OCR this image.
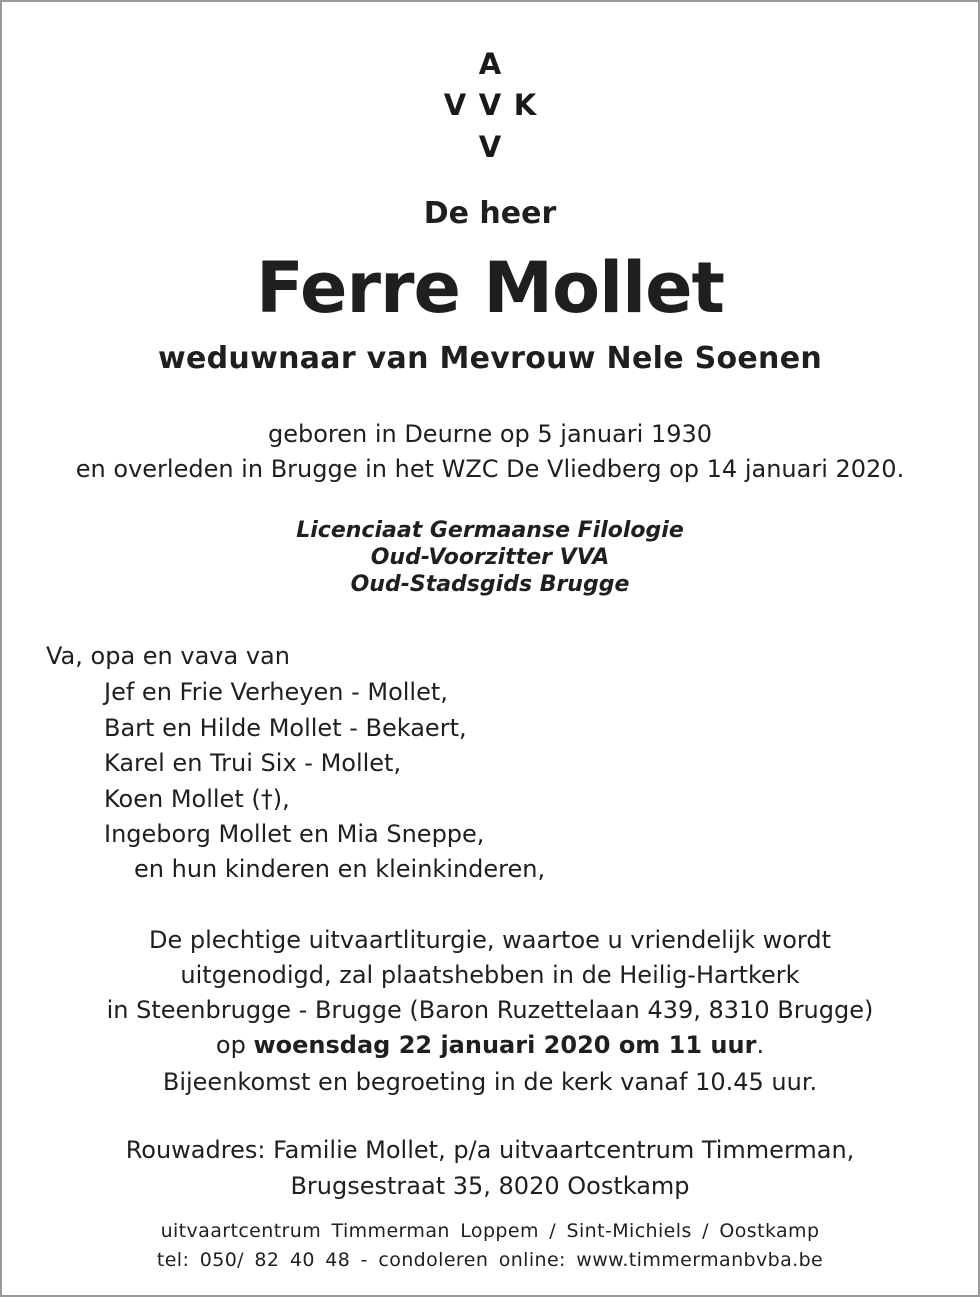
A
V V K
V
De heer
Ferre Mollet
weduwnaar van Mevrouw Nele Soenen
geboren in Deurne op 5 januari 1930
en overleden in Brugge in het WZC De Vliedberg op 14 januari 2020.
Licenciaat Germaanse Filologie
Oud-Voorzitter VVA
Oud-Stadsgids Brugge
Va, opa en vava van
Jef en Frie Verheyen - Mollet,
Bart en Hilde Mollet - Bekaert,
Karel en Trui Six - Mollet,
Koen Mollet (†),
Ingeborg Mollet en Mia Sneppe,
en hun kinderen en kleinkinderen,
De plechtige uitvaartliturgie, waartoe u vriendelijk wordt
uitgenodigd, zal plaatshebben in de Heilig-Hartkerk
in Steenbrugge - Brugge (Baron Ruzettelaan 439, 8310 Brugge)
op woensdag 22 januari 2020 om 11 uur.
Bijeenkomst en begroeting in de kerk vanaf 10.45 uur.
Rouwadres: Familie Mollet, p/a uitvaartcentrum Timmerman,
Brugsestraat 35, 8020 Oostkamp
uitvaartcentrum Timmerman Loppem / Sint-Michiels / Oostkamp
tel: 050/ 82 40 48 - condoleren online: www.timmermanbvba.be
